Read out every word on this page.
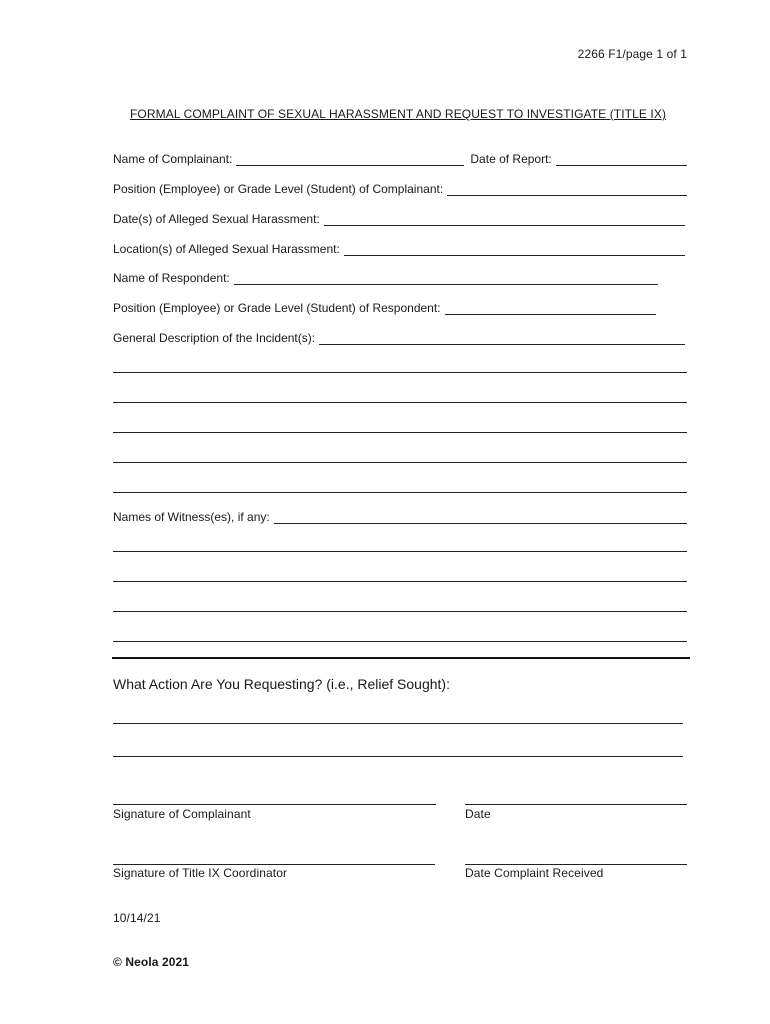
2266 F1/page 1 of 1
FORMAL COMPLAINT OF SEXUAL HARASSMENT AND REQUEST TO INVESTIGATE (TITLE IX)
Name of Complainant:	Date of Report:
Position (Employee) or Grade Level (Student) of Complainant:
Date(s) of Alleged Sexual Harassment:
Location(s) of Alleged Sexual Harassment:
Name of Respondent:
Position (Employee) or Grade Level (Student) of Respondent:
General Description of the Incident(s):
Names of Witness(es), if any:
What Action Are You Requesting? (i.e., Relief Sought):
Signature of Complainant	Date
Signature of Title IX Coordinator	Date Complaint Received
10/14/21
© Neola 2021
